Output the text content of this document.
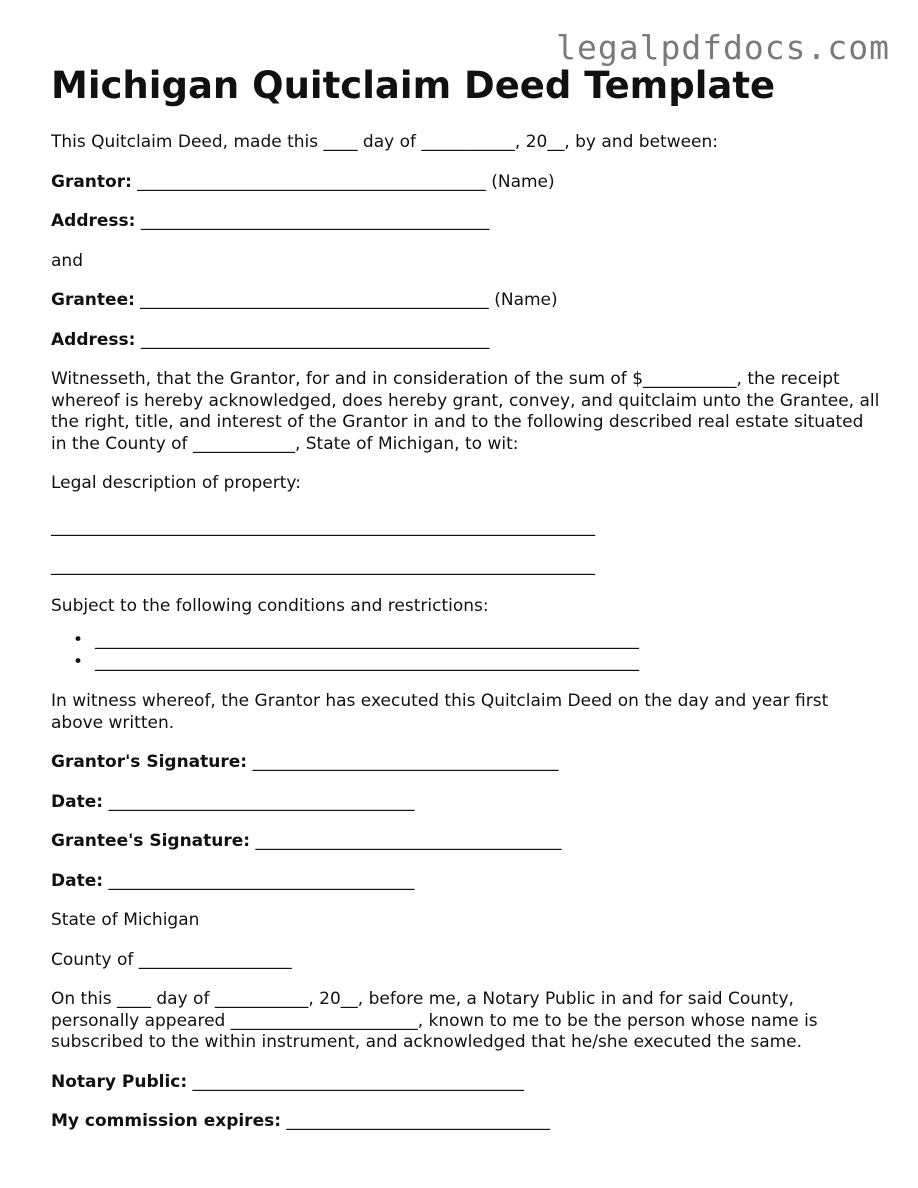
legalpdfdocs.com
Michigan Quitclaim Deed Template

This Quitclaim Deed, made this ____ day of ___________, 20__, by and between:

Grantor: _________________________________________ (Name)

Address: _________________________________________

and

Grantee: _________________________________________ (Name)

Address: _________________________________________

Witnesseth, that the Grantor, for and in consideration of the sum of $___________, the receipt whereof is hereby acknowledged, does hereby grant, convey, and quitclaim unto the Grantee, all the right, title, and interest of the Grantor in and to the following described real estate situated in the County of ____________, State of Michigan, to wit:

Legal description of property:

________________________________________________________________

________________________________________________________________

Subject to the following conditions and restrictions:

• ________________________________________________________________
• ________________________________________________________________

In witness whereof, the Grantor has executed this Quitclaim Deed on the day and year first above written.

Grantor's Signature: ____________________________________

Date: ____________________________________

Grantee's Signature: ____________________________________

Date: ____________________________________

State of Michigan

County of __________________

On this ____ day of ___________, 20__, before me, a Notary Public in and for said County, personally appeared ______________________, known to me to be the person whose name is subscribed to the within instrument, and acknowledged that he/she executed the same.

Notary Public: _______________________________________

My commission expires: _______________________________
